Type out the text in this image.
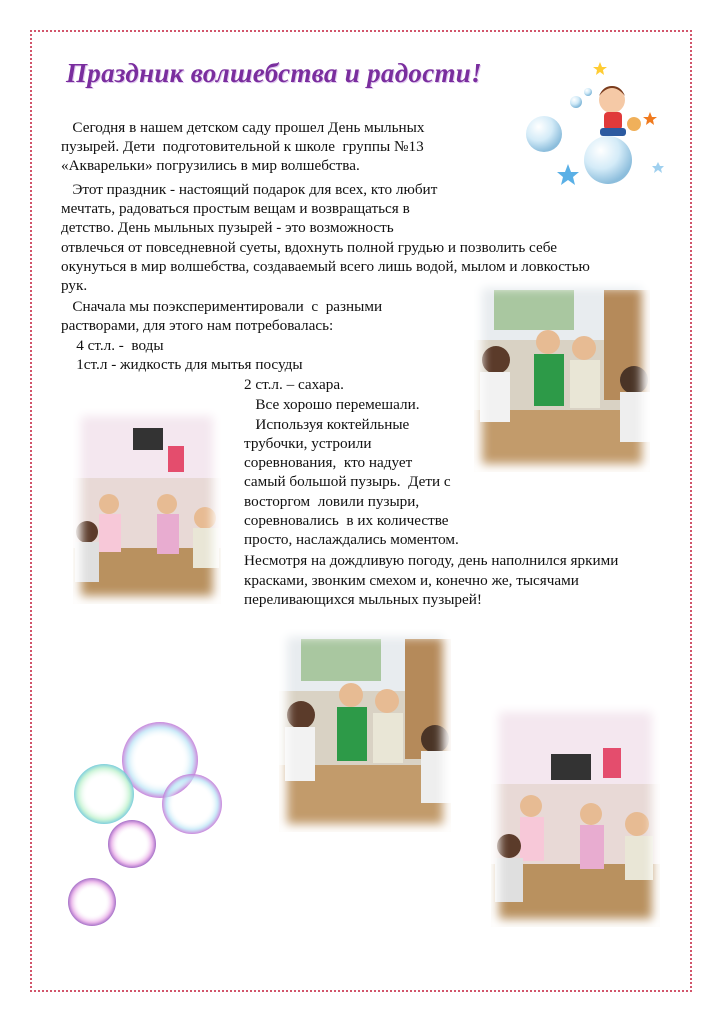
Праздник волшебства и радости!
Сегодня в нашем детском саду прошел День мыльных
пузырей. Дети  подготовительной к школе  группы №13
«Акварельки» погрузились в мир волшебства.
Этот праздник - настоящий подарок для всех, кто любит
мечтать, радоваться простым вещам и возвращаться в
детство. День мыльных пузырей - это возможность
отвлечься от повседневной суеты, вдохнуть полной грудью и позволить себе
окунуться в мир волшебства, создаваемый всего лишь водой, мылом и ловкостью
рук.
Сначала мы поэкспериментировали  с  разными
растворами, для этого нам потребовалась:
4 ст.л. -  воды
1ст.л - жидкость для мытья посуды
2 ст.л. – сахара.
Все хорошо перемешали.
Используя коктейльные
трубочки, устроили
соревнования,  кто надует
самый большой пузырь.  Дети с
восторгом  ловили пузыри,
соревновались  в их количестве
просто, наслаждались моментом.
Несмотря на дождливую погоду, день наполнился яркими
красками, звонким смехом и, конечно же, тысячами
переливающихся мыльных пузырей!
